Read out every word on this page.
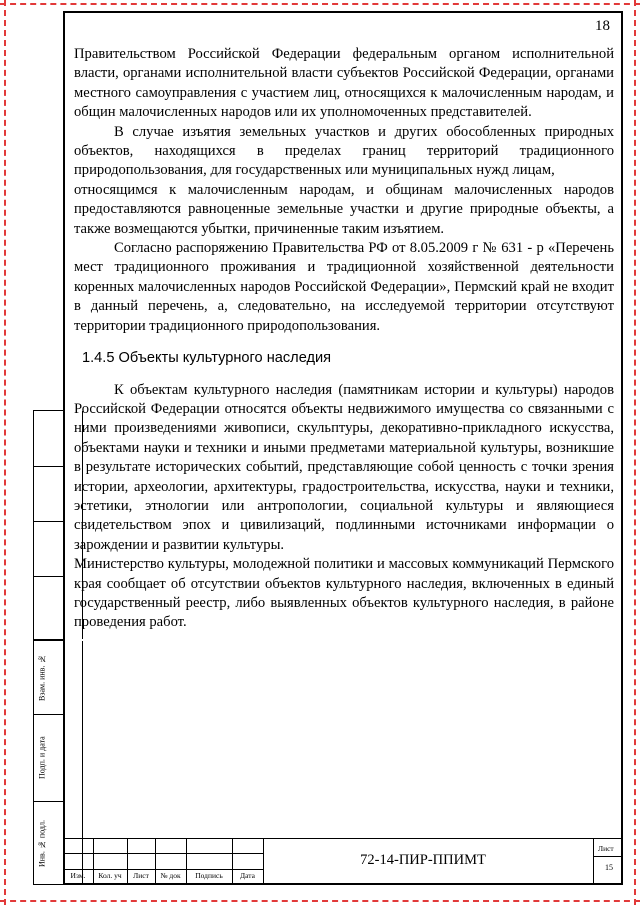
18

Правительством Российской Федерации федеральным органом исполнительной власти, органами исполнительной власти субъектов Российской Федерации, органами местного самоуправления с участием лиц, относящихся к малочисленным народам, и общин малочисленных народов или их уполномоченных представителей.

В случае изъятия земельных участков и других обособленных природных объектов, находящихся в пределах границ территорий традиционного природопользования, для государственных или муниципальных нужд лицам,

относящимся к малочисленным народам, и общинам малочисленных народов предоставляются равноценные земельные участки и другие природные объекты, а также возмещаются убытки, причиненные таким изъятием.

Согласно распоряжению Правительства РФ от 8.05.2009 г № 631 - р «Перечень мест традиционного проживания и традиционной хозяйственной деятельности коренных малочисленных народов Российской Федерации», Пермский край не входит в данный перечень, а, следовательно, на исследуемой территории отсутствуют территории традиционного природопользования.

1.4.5 Объекты культурного наследия

К объектам культурного наследия (памятникам истории и культуры) народов Российской Федерации относятся объекты недвижимого имущества со связанными с ними произведениями живописи, скульптуры, декоративно-прикладного искусства, объектами науки и техники и иными предметами материальной культуры, возникшие в результате исторических событий, представляющие собой ценность с точки зрения истории, археологии, архитектуры, градостроительства, искусства, науки и техники, эстетики, этнологии или антропологии, социальной культуры и являющиеся свидетельством эпох и цивилизаций, подлинными источниками информации о зарождении и развитии культуры.

Министерство культуры, молодежной политики и массовых коммуникаций Пермского края сообщает об отсутствии объектов культурного наследия, включенных в единый государственный реестр, либо выявленных объектов культурного наследия, в районе проведения работ.

Взам. инв. №
Подп. и дата
Инв. № подл.
Изм.	Кол. уч	Лист	№ док	Подпись	Дата
72-14-ПИР-ППИМТ
Лист
15
